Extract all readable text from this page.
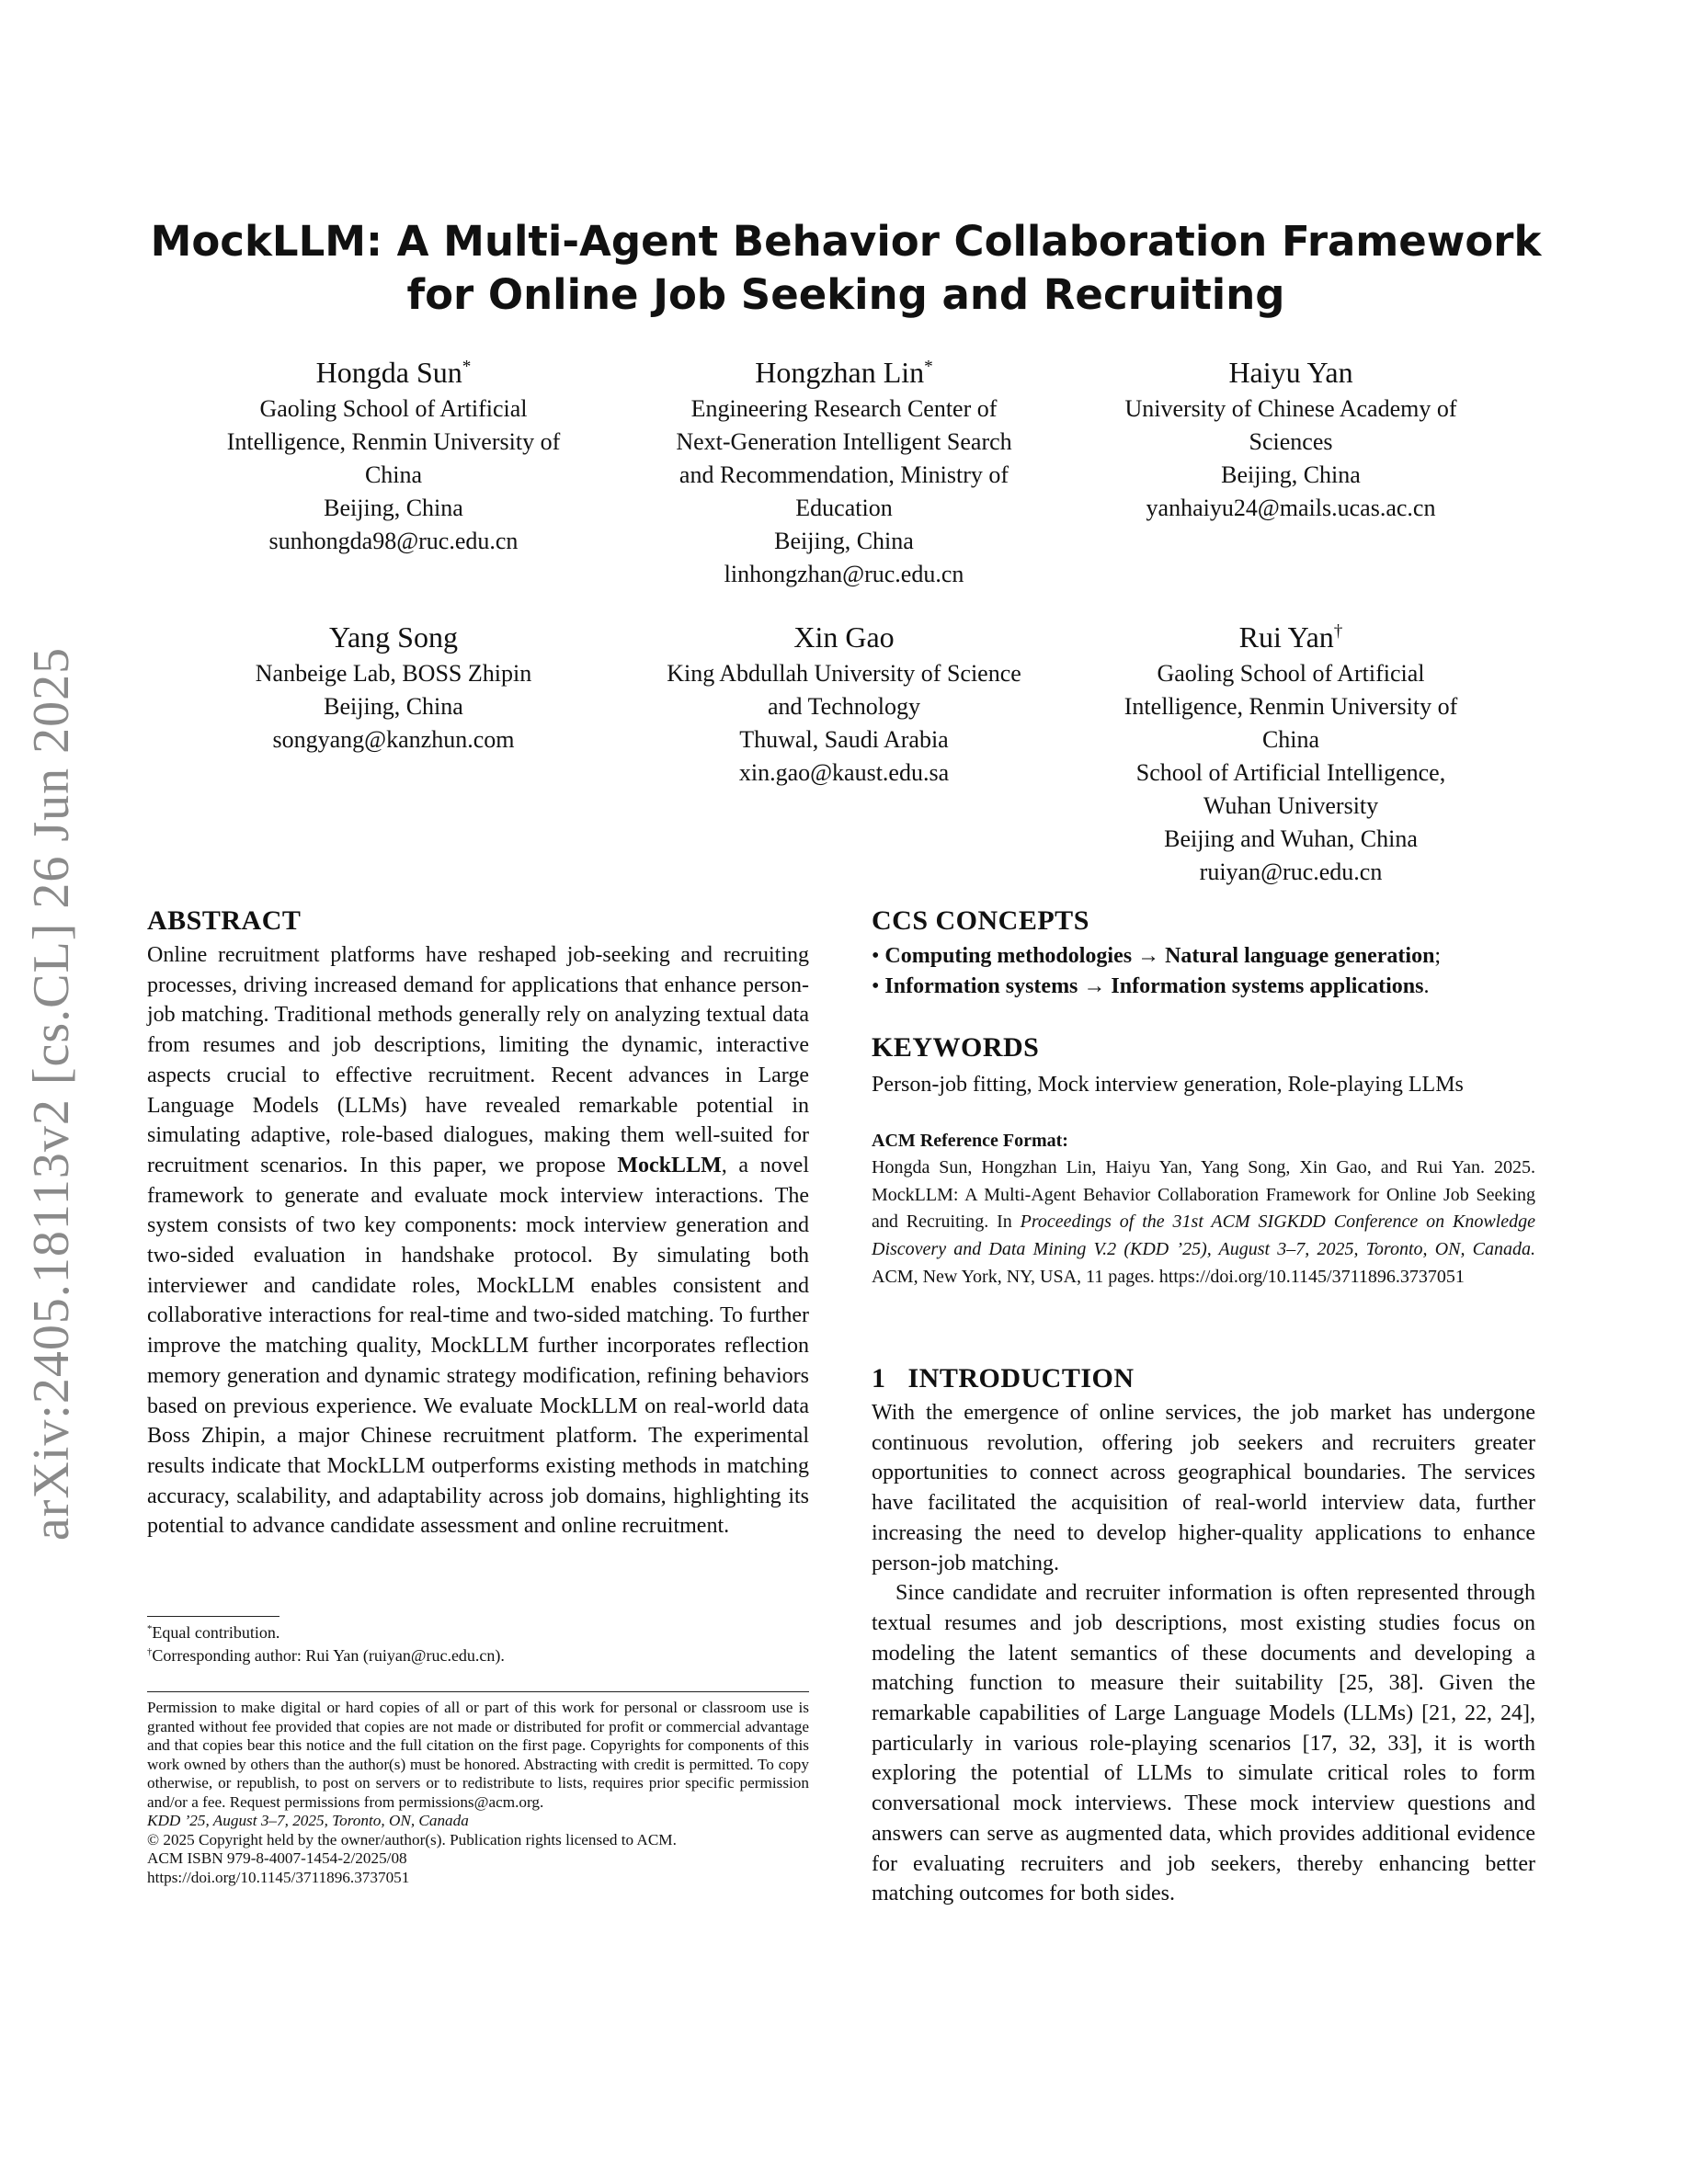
arXiv:2405.18113v2 [cs.CL] 26 Jun 2025
MockLLM: A Multi-Agent Behavior Collaboration Framework for Online Job Seeking and Recruiting
Hongda Sun*
Gaoling School of Artificial
Intelligence, Renmin University of
China
Beijing, China
sunhongda98@ruc.edu.cn
Hongzhan Lin*
Engineering Research Center of
Next-Generation Intelligent Search
and Recommendation, Ministry of
Education
Beijing, China
linhongzhan@ruc.edu.cn
Haiyu Yan
University of Chinese Academy of
Sciences
Beijing, China
yanhaiyu24@mails.ucas.ac.cn
Yang Song
Nanbeige Lab, BOSS Zhipin
Beijing, China
songyang@kanzhun.com
Xin Gao
King Abdullah University of Science
and Technology
Thuwal, Saudi Arabia
xin.gao@kaust.edu.sa
Rui Yan†
Gaoling School of Artificial
Intelligence, Renmin University of
China
School of Artificial Intelligence,
Wuhan University
Beijing and Wuhan, China
ruiyan@ruc.edu.cn
ABSTRACT

Online recruitment platforms have reshaped job-seeking and recruiting processes, driving increased demand for applications that enhance person-job matching. Traditional methods generally rely on analyzing textual data from resumes and job descriptions, limiting the dynamic, interactive aspects crucial to effective recruitment. Recent advances in Large Language Models (LLMs) have revealed remarkable potential in simulating adaptive, role-based dialogues, making them well-suited for recruitment scenarios. In this paper, we propose MockLLM, a novel framework to generate and evaluate mock interview interactions. The system consists of two key components: mock interview generation and two-sided evaluation in handshake protocol. By simulating both interviewer and candidate roles, MockLLM enables consistent and collaborative interactions for real-time and two-sided matching. To further improve the matching quality, MockLLM further incorporates reflection memory generation and dynamic strategy modification, refining behaviors based on previous experience. We evaluate MockLLM on real-world data Boss Zhipin, a major Chinese recruitment platform. The experimental results indicate that MockLLM outperforms existing methods in matching accuracy, scalability, and adaptability across job domains, highlighting its potential to advance candidate assessment and online recruitment.

*Equal contribution.
†Corresponding author: Rui Yan (ruiyan@ruc.edu.cn).

Permission to make digital or hard copies of all or part of this work for personal or classroom use is granted without fee provided that copies are not made or distributed for profit or commercial advantage and that copies bear this notice and the full citation on the first page. Copyrights for components of this work owned by others than the author(s) must be honored. Abstracting with credit is permitted. To copy otherwise, or republish, to post on servers or to redistribute to lists, requires prior specific permission and/or a fee. Request permissions from permissions@acm.org.

KDD ’25, August 3–7, 2025, Toronto, ON, Canada

© 2025 Copyright held by the owner/author(s). Publication rights licensed to ACM.

ACM ISBN 979-8-4007-1454-2/2025/08

https://doi.org/10.1145/3711896.3737051

CCS CONCEPTS

• Computing methodologies → Natural language generation;

• Information systems → Information systems applications.

KEYWORDS

Person-job fitting, Mock interview generation, Role-playing LLMs

ACM Reference Format:

Hongda Sun, Hongzhan Lin, Haiyu Yan, Yang Song, Xin Gao, and Rui Yan. 2025. MockLLM: A Multi-Agent Behavior Collaboration Framework for Online Job Seeking and Recruiting. In Proceedings of the 31st ACM SIGKDD Conference on Knowledge Discovery and Data Mining V.2 (KDD ’25), August 3–7, 2025, Toronto, ON, Canada. ACM, New York, NY, USA, 11 pages. https://doi.org/10.1145/3711896.3737051

1   INTRODUCTION

With the emergence of online services, the job market has undergone continuous revolution, offering job seekers and recruiters greater opportunities to connect across geographical boundaries. The services have facilitated the acquisition of real-world interview data, further increasing the need to develop higher-quality applications to enhance person-job matching.

Since candidate and recruiter information is often represented through textual resumes and job descriptions, most existing studies focus on modeling the latent semantics of these documents and developing a matching function to measure their suitability [25, 38]. Given the remarkable capabilities of Large Language Models (LLMs) [21, 22, 24], particularly in various role-playing scenarios [17, 32, 33], it is worth exploring the potential of LLMs to simulate critical roles to form conversational mock interviews. These mock interview questions and answers can serve as augmented data, which provides additional evidence for evaluating recruiters and job seekers, thereby enhancing better matching outcomes for both sides.
